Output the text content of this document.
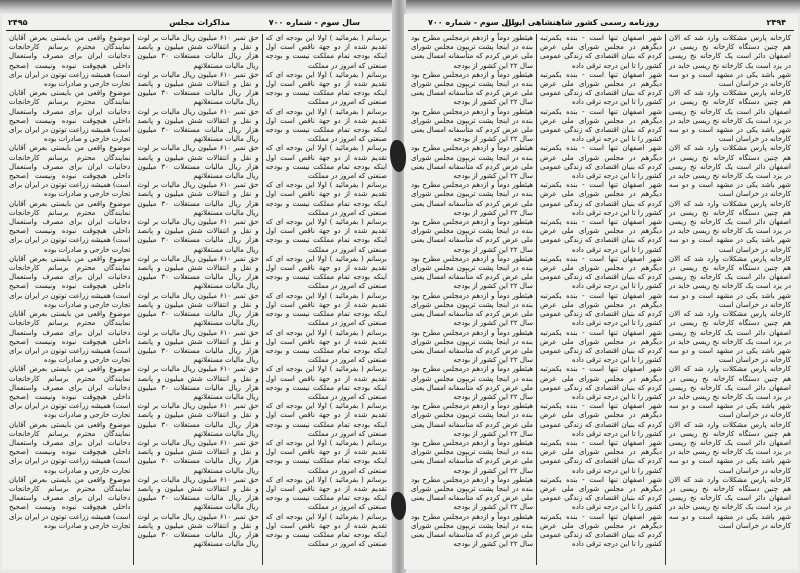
سال سوم - شماره ۷۰۰
مذاکرات مجلس
۲۴۹۵

برسانم ( بفرمائید ) اولا این بودجه ای که تقدیم شده از دو جهة ناقص است اول اینکه بودجه تمام مملکت نیست و بودجه صنعتی که امروز در مملکت

برسانم ( بفرمائید ) اولا این بودجه ای که تقدیم شده از دو جهة ناقص است اول اینکه بودجه تمام مملکت نیست و بودجه صنعتی که امروز در مملکت

برسانم ( بفرمائید ) اولا این بودجه ای که تقدیم شده از دو جهة ناقص است اول اینکه بودجه تمام مملکت نیست و بودجه صنعتی که امروز در مملکت

برسانم ( بفرمائید ) اولا این بودجه ای که تقدیم شده از دو جهة ناقص است اول اینکه بودجه تمام مملکت نیست و بودجه صنعتی که امروز در مملکت

برسانم ( بفرمائید ) اولا این بودجه ای که تقدیم شده از دو جهة ناقص است اول اینکه بودجه تمام مملکت نیست و بودجه صنعتی که امروز در مملکت

برسانم ( بفرمائید ) اولا این بودجه ای که تقدیم شده از دو جهة ناقص است اول اینکه بودجه تمام مملکت نیست و بودجه صنعتی که امروز در مملکت

برسانم ( بفرمائید ) اولا این بودجه ای که تقدیم شده از دو جهة ناقص است اول اینکه بودجه تمام مملکت نیست و بودجه صنعتی که امروز در مملکت

برسانم ( بفرمائید ) اولا این بودجه ای که تقدیم شده از دو جهة ناقص است اول اینکه بودجه تمام مملکت نیست و بودجه صنعتی که امروز در مملکت

برسانم ( بفرمائید ) اولا این بودجه ای که تقدیم شده از دو جهة ناقص است اول اینکه بودجه تمام مملکت نیست و بودجه صنعتی که امروز در مملکت

برسانم ( بفرمائید ) اولا این بودجه ای که تقدیم شده از دو جهة ناقص است اول اینکه بودجه تمام مملکت نیست و بودجه صنعتی که امروز در مملکت

برسانم ( بفرمائید ) اولا این بودجه ای که تقدیم شده از دو جهة ناقص است اول اینکه بودجه تمام مملکت نیست و بودجه صنعتی که امروز در مملکت

برسانم ( بفرمائید ) اولا این بودجه ای که تقدیم شده از دو جهة ناقص است اول اینکه بودجه تمام مملکت نیست و بودجه صنعتی که امروز در مملکت

برسانم ( بفرمائید ) اولا این بودجه ای که تقدیم شده از دو جهة ناقص است اول اینکه بودجه تمام مملکت نیست و بودجه صنعتی که امروز در مملکت

برسانم ( بفرمائید ) اولا این بودجه ای که تقدیم شده از دو جهة ناقص است اول اینکه بودجه تمام مملکت نیست و بودجه صنعتی که امروز در مملکت

حق تمبر ۶۱۰ میلیون ریال مالیات بر لوث و نقل و انتقالات شش میلیون و پانصد هزار ریال مالیات مستغلات ۳۰ میلیون ریال مالیات مستغلاتهم

حق تمبر ۶۱۰ میلیون ریال مالیات بر لوث و نقل و انتقالات شش میلیون و پانصد هزار ریال مالیات مستغلات ۳۰ میلیون ریال مالیات مستغلاتهم

حق تمبر ۶۱۰ میلیون ریال مالیات بر لوث و نقل و انتقالات شش میلیون و پانصد هزار ریال مالیات مستغلات ۳۰ میلیون ریال مالیات مستغلاتهم

حق تمبر ۶۱۰ میلیون ریال مالیات بر لوث و نقل و انتقالات شش میلیون و پانصد هزار ریال مالیات مستغلات ۳۰ میلیون ریال مالیات مستغلاتهم

حق تمبر ۶۱۰ میلیون ریال مالیات بر لوث و نقل و انتقالات شش میلیون و پانصد هزار ریال مالیات مستغلات ۳۰ میلیون ریال مالیات مستغلاتهم

حق تمبر ۶۱۰ میلیون ریال مالیات بر لوث و نقل و انتقالات شش میلیون و پانصد هزار ریال مالیات مستغلات ۳۰ میلیون ریال مالیات مستغلاتهم

حق تمبر ۶۱۰ میلیون ریال مالیات بر لوث و نقل و انتقالات شش میلیون و پانصد هزار ریال مالیات مستغلات ۳۰ میلیون ریال مالیات مستغلاتهم

حق تمبر ۶۱۰ میلیون ریال مالیات بر لوث و نقل و انتقالات شش میلیون و پانصد هزار ریال مالیات مستغلات ۳۰ میلیون ریال مالیات مستغلاتهم

حق تمبر ۶۱۰ میلیون ریال مالیات بر لوث و نقل و انتقالات شش میلیون و پانصد هزار ریال مالیات مستغلات ۳۰ میلیون ریال مالیات مستغلاتهم

حق تمبر ۶۱۰ میلیون ریال مالیات بر لوث و نقل و انتقالات شش میلیون و پانصد هزار ریال مالیات مستغلات ۳۰ میلیون ریال مالیات مستغلاتهم

حق تمبر ۶۱۰ میلیون ریال مالیات بر لوث و نقل و انتقالات شش میلیون و پانصد هزار ریال مالیات مستغلات ۳۰ میلیون ریال مالیات مستغلاتهم

حق تمبر ۶۱۰ میلیون ریال مالیات بر لوث و نقل و انتقالات شش میلیون و پانصد هزار ریال مالیات مستغلات ۳۰ میلیون ریال مالیات مستغلاتهم

حق تمبر ۶۱۰ میلیون ریال مالیات بر لوث و نقل و انتقالات شش میلیون و پانصد هزار ریال مالیات مستغلات ۳۰ میلیون ریال مالیات مستغلاتهم

حق تمبر ۶۱۰ میلیون ریال مالیات بر لوث و نقل و انتقالات شش میلیون و پانصد هزار ریال مالیات مستغلات ۳۰ میلیون ریال مالیات مستغلاتهم

موضوع واقعی من بایستی بعرض آقایان نمایندگان محترم برسانم کارخانجات دخانیات ایران برای مصرف واستعمال داخلی هیچوقت نبوده ونیست (صحیح است) همیشه زراعت توتون در ایران برای تجارت خارجی و صادرات بوده

موضوع واقعی من بایستی بعرض آقایان نمایندگان محترم برسانم کارخانجات دخانیات ایران برای مصرف واستعمال داخلی هیچوقت نبوده ونیست (صحیح است) همیشه زراعت توتون در ایران برای تجارت خارجی و صادرات بوده

موضوع واقعی من بایستی بعرض آقایان نمایندگان محترم برسانم کارخانجات دخانیات ایران برای مصرف واستعمال داخلی هیچوقت نبوده ونیست (صحیح است) همیشه زراعت توتون در ایران برای تجارت خارجی و صادرات بوده

موضوع واقعی من بایستی بعرض آقایان نمایندگان محترم برسانم کارخانجات دخانیات ایران برای مصرف واستعمال داخلی هیچوقت نبوده ونیست (صحیح است) همیشه زراعت توتون در ایران برای تجارت خارجی و صادرات بوده

موضوع واقعی من بایستی بعرض آقایان نمایندگان محترم برسانم کارخانجات دخانیات ایران برای مصرف واستعمال داخلی هیچوقت نبوده ونیست (صحیح است) همیشه زراعت توتون در ایران برای تجارت خارجی و صادرات بوده

موضوع واقعی من بایستی بعرض آقایان نمایندگان محترم برسانم کارخانجات دخانیات ایران برای مصرف واستعمال داخلی هیچوقت نبوده ونیست (صحیح است) همیشه زراعت توتون در ایران برای تجارت خارجی و صادرات بوده

موضوع واقعی من بایستی بعرض آقایان نمایندگان محترم برسانم کارخانجات دخانیات ایران برای مصرف واستعمال داخلی هیچوقت نبوده ونیست (صحیح است) همیشه زراعت توتون در ایران برای تجارت خارجی و صادرات بوده

موضوع واقعی من بایستی بعرض آقایان نمایندگان محترم برسانم کارخانجات دخانیات ایران برای مصرف واستعمال داخلی هیچوقت نبوده ونیست (صحیح است) همیشه زراعت توتون در ایران برای تجارت خارجی و صادرات بوده

موضوع واقعی من بایستی بعرض آقایان نمایندگان محترم برسانم کارخانجات دخانیات ایران برای مصرف واستعمال داخلی هیچوقت نبوده ونیست (صحیح است) همیشه زراعت توتون در ایران برای تجارت خارجی و صادرات بوده

سال سوم - شماره ۷۰۰
روزنامه رسمی کشور شاهنشاهی ایران	۲۴۹۴

کارخانه پارس مشکلات وارد شد که الان هم چنین دستگاه کارخانه نخ ریسی در اصفهان دائر است یک کارخانه نخ ریسی در یزد است یک کارخانه نخ ریسی خاید در شهر باشد یکی در مشهد است و دو سه کارخانه در خراسان است

کارخانه پارس مشکلات وارد شد که الان هم چنین دستگاه کارخانه نخ ریسی در اصفهان دائر است یک کارخانه نخ ریسی در یزد است یک کارخانه نخ ریسی خاید در شهر باشد یکی در مشهد است و دو سه کارخانه در خراسان است

کارخانه پارس مشکلات وارد شد که الان هم چنین دستگاه کارخانه نخ ریسی در اصفهان دائر است یک کارخانه نخ ریسی در یزد است یک کارخانه نخ ریسی خاید در شهر باشد یکی در مشهد است و دو سه کارخانه در خراسان است

کارخانه پارس مشکلات وارد شد که الان هم چنین دستگاه کارخانه نخ ریسی در اصفهان دائر است یک کارخانه نخ ریسی در یزد است یک کارخانه نخ ریسی خاید در شهر باشد یکی در مشهد است و دو سه کارخانه در خراسان است

کارخانه پارس مشکلات وارد شد که الان هم چنین دستگاه کارخانه نخ ریسی در اصفهان دائر است یک کارخانه نخ ریسی در یزد است یک کارخانه نخ ریسی خاید در شهر باشد یکی در مشهد است و دو سه کارخانه در خراسان است

کارخانه پارس مشکلات وارد شد که الان هم چنین دستگاه کارخانه نخ ریسی در اصفهان دائر است یک کارخانه نخ ریسی در یزد است یک کارخانه نخ ریسی خاید در شهر باشد یکی در مشهد است و دو سه کارخانه در خراسان است

کارخانه پارس مشکلات وارد شد که الان هم چنین دستگاه کارخانه نخ ریسی در اصفهان دائر است یک کارخانه نخ ریسی در یزد است یک کارخانه نخ ریسی خاید در شهر باشد یکی در مشهد است و دو سه کارخانه در خراسان است

کارخانه پارس مشکلات وارد شد که الان هم چنین دستگاه کارخانه نخ ریسی در اصفهان دائر است یک کارخانه نخ ریسی در یزد است یک کارخانه نخ ریسی خاید در شهر باشد یکی در مشهد است و دو سه کارخانه در خراسان است

کارخانه پارس مشکلات وارد شد که الان هم چنین دستگاه کارخانه نخ ریسی در اصفهان دائر است یک کارخانه نخ ریسی در یزد است یک کارخانه نخ ریسی خاید در شهر باشد یکی در مشهد است و دو سه کارخانه در خراسان است

شهر اصفهان تنها است - بنده یکمرتبه دیگرهم در مجلس شورای ملی عرض کردم که بنیان اقتصادی که زندگی عمومی کشور را تا این درجه ترقی داده

شهر اصفهان تنها است - بنده یکمرتبه دیگرهم در مجلس شورای ملی عرض کردم که بنیان اقتصادی که زندگی عمومی کشور را تا این درجه ترقی داده

شهر اصفهان تنها است - بنده یکمرتبه دیگرهم در مجلس شورای ملی عرض کردم که بنیان اقتصادی که زندگی عمومی کشور را تا این درجه ترقی داده

شهر اصفهان تنها است - بنده یکمرتبه دیگرهم در مجلس شورای ملی عرض کردم که بنیان اقتصادی که زندگی عمومی کشور را تا این درجه ترقی داده

شهر اصفهان تنها است - بنده یکمرتبه دیگرهم در مجلس شورای ملی عرض کردم که بنیان اقتصادی که زندگی عمومی کشور را تا این درجه ترقی داده

شهر اصفهان تنها است - بنده یکمرتبه دیگرهم در مجلس شورای ملی عرض کردم که بنیان اقتصادی که زندگی عمومی کشور را تا این درجه ترقی داده

شهر اصفهان تنها است - بنده یکمرتبه دیگرهم در مجلس شورای ملی عرض کردم که بنیان اقتصادی که زندگی عمومی کشور را تا این درجه ترقی داده

شهر اصفهان تنها است - بنده یکمرتبه دیگرهم در مجلس شورای ملی عرض کردم که بنیان اقتصادی که زندگی عمومی کشور را تا این درجه ترقی داده

شهر اصفهان تنها است - بنده یکمرتبه دیگرهم در مجلس شورای ملی عرض کردم که بنیان اقتصادی که زندگی عمومی کشور را تا این درجه ترقی داده

شهر اصفهان تنها است - بنده یکمرتبه دیگرهم در مجلس شورای ملی عرض کردم که بنیان اقتصادی که زندگی عمومی کشور را تا این درجه ترقی داده

شهر اصفهان تنها است - بنده یکمرتبه دیگرهم در مجلس شورای ملی عرض کردم که بنیان اقتصادی که زندگی عمومی کشور را تا این درجه ترقی داده

شهر اصفهان تنها است - بنده یکمرتبه دیگرهم در مجلس شورای ملی عرض کردم که بنیان اقتصادی که زندگی عمومی کشور را تا این درجه ترقی داده

شهر اصفهان تنها است - بنده یکمرتبه دیگرهم در مجلس شورای ملی عرض کردم که بنیان اقتصادی که زندگی عمومی کشور را تا این درجه ترقی داده

شهر اصفهان تنها است - بنده یکمرتبه دیگرهم در مجلس شورای ملی عرض کردم که بنیان اقتصادی که زندگی عمومی کشور را تا این درجه ترقی داده

هیئطور دوماً و ازدهم درمجلس مطرح بود بنده در اینجا پشت تریبون مجلس شورای ملی عرض کردم که متأسفانه امسال یعنی سال ۲۲ این کشور از بودجه

هیئطور دوماً و ازدهم درمجلس مطرح بود بنده در اینجا پشت تریبون مجلس شورای ملی عرض کردم که متأسفانه امسال یعنی سال ۲۲ این کشور از بودجه

هیئطور دوماً و ازدهم درمجلس مطرح بود بنده در اینجا پشت تریبون مجلس شورای ملی عرض کردم که متأسفانه امسال یعنی سال ۲۲ این کشور از بودجه

هیئطور دوماً و ازدهم درمجلس مطرح بود بنده در اینجا پشت تریبون مجلس شورای ملی عرض کردم که متأسفانه امسال یعنی سال ۲۲ این کشور از بودجه

هیئطور دوماً و ازدهم درمجلس مطرح بود بنده در اینجا پشت تریبون مجلس شورای ملی عرض کردم که متأسفانه امسال یعنی سال ۲۲ این کشور از بودجه

هیئطور دوماً و ازدهم درمجلس مطرح بود بنده در اینجا پشت تریبون مجلس شورای ملی عرض کردم که متأسفانه امسال یعنی سال ۲۲ این کشور از بودجه

هیئطور دوماً و ازدهم درمجلس مطرح بود بنده در اینجا پشت تریبون مجلس شورای ملی عرض کردم که متأسفانه امسال یعنی سال ۲۲ این کشور از بودجه

هیئطور دوماً و ازدهم درمجلس مطرح بود بنده در اینجا پشت تریبون مجلس شورای ملی عرض کردم که متأسفانه امسال یعنی سال ۲۲ این کشور از بودجه

هیئطور دوماً و ازدهم درمجلس مطرح بود بنده در اینجا پشت تریبون مجلس شورای ملی عرض کردم که متأسفانه امسال یعنی سال ۲۲ این کشور از بودجه

هیئطور دوماً و ازدهم درمجلس مطرح بود بنده در اینجا پشت تریبون مجلس شورای ملی عرض کردم که متأسفانه امسال یعنی سال ۲۲ این کشور از بودجه

هیئطور دوماً و ازدهم درمجلس مطرح بود بنده در اینجا پشت تریبون مجلس شورای ملی عرض کردم که متأسفانه امسال یعنی سال ۲۲ این کشور از بودجه

هیئطور دوماً و ازدهم درمجلس مطرح بود بنده در اینجا پشت تریبون مجلس شورای ملی عرض کردم که متأسفانه امسال یعنی سال ۲۲ این کشور از بودجه

هیئطور دوماً و ازدهم درمجلس مطرح بود بنده در اینجا پشت تریبون مجلس شورای ملی عرض کردم که متأسفانه امسال یعنی سال ۲۲ این کشور از بودجه

هیئطور دوماً و ازدهم درمجلس مطرح بود بنده در اینجا پشت تریبون مجلس شورای ملی عرض کردم که متأسفانه امسال یعنی سال ۲۲ این کشور از بودجه
